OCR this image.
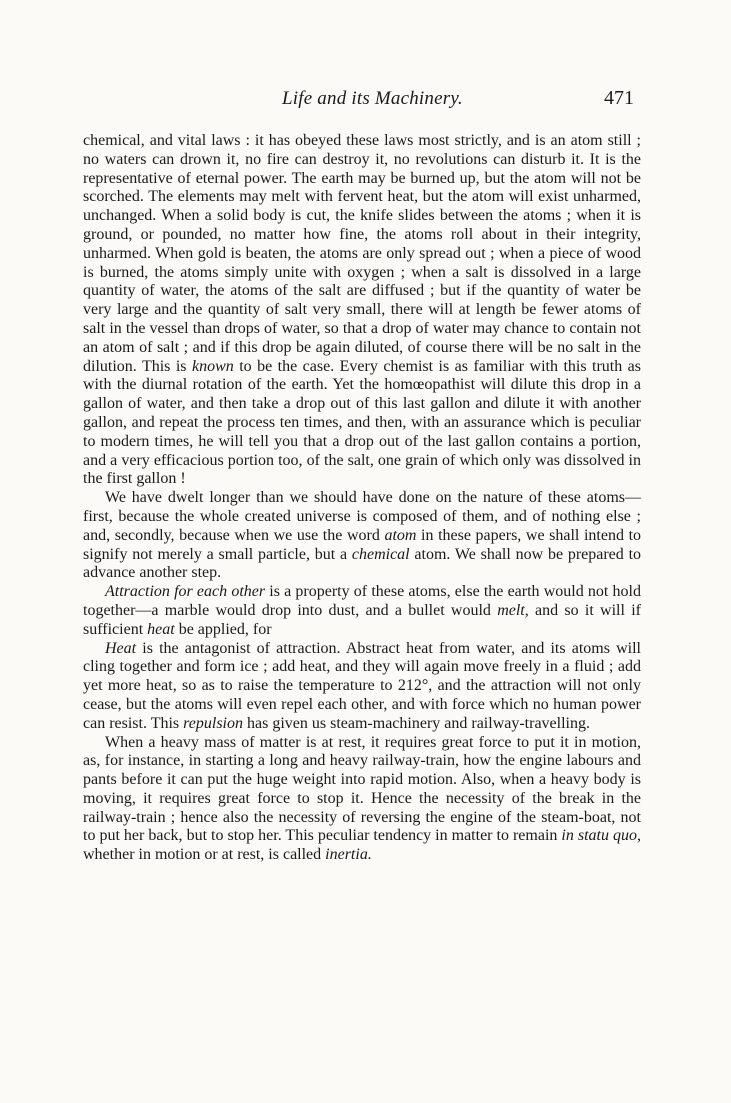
Life and its Machinery.	471

chemical, and vital laws : it has obeyed these laws most strictly, and is an atom still ; no waters can drown it, no fire can destroy it, no revolutions can disturb it. It is the representative of eternal power. The earth may be burned up, but the atom will not be scorched. The elements may melt with fervent heat, but the atom will exist unharmed, unchanged. When a solid body is cut, the knife slides between the atoms ; when it is ground, or pounded, no matter how fine, the atoms roll about in their integrity, unharmed. When gold is beaten, the atoms are only spread out ; when a piece of wood is burned, the atoms simply unite with oxygen ; when a salt is dissolved in a large quantity of water, the atoms of the salt are diffused ; but if the quantity of water be very large and the quantity of salt very small, there will at length be fewer atoms of salt in the vessel than drops of water, so that a drop of water may chance to contain not an atom of salt ; and if this drop be again diluted, of course there will be no salt in the dilution. This is known to be the case. Every chemist is as familiar with this truth as with the diurnal rotation of the earth. Yet the homœopathist will dilute this drop in a gallon of water, and then take a drop out of this last gallon and dilute it with another gallon, and repeat the process ten times, and then, with an assurance which is peculiar to modern times, he will tell you that a drop out of the last gallon contains a portion, and a very efficacious portion too, of the salt, one grain of which only was dissolved in the first gallon !

We have dwelt longer than we should have done on the nature of these atoms—first, because the whole created universe is composed of them, and of nothing else ; and, secondly, because when we use the word atom in these papers, we shall intend to signify not merely a small particle, but a chemical atom. We shall now be prepared to advance another step.

Attraction for each other is a property of these atoms, else the earth would not hold together—a marble would drop into dust, and a bullet would melt, and so it will if sufficient heat be applied, for

Heat is the antagonist of attraction. Abstract heat from water, and its atoms will cling together and form ice ; add heat, and they will again move freely in a fluid ; add yet more heat, so as to raise the temperature to 212°, and the attraction will not only cease, but the atoms will even repel each other, and with force which no human power can resist. This repulsion has given us steam-machinery and railway-travelling.

When a heavy mass of matter is at rest, it requires great force to put it in motion, as, for instance, in starting a long and heavy railway-train, how the engine labours and pants before it can put the huge weight into rapid motion. Also, when a heavy body is moving, it requires great force to stop it. Hence the necessity of the break in the railway-train ; hence also the necessity of reversing the engine of the steam-boat, not to put her back, but to stop her. This peculiar tendency in matter to remain in statu quo, whether in motion or at rest, is called inertia.
